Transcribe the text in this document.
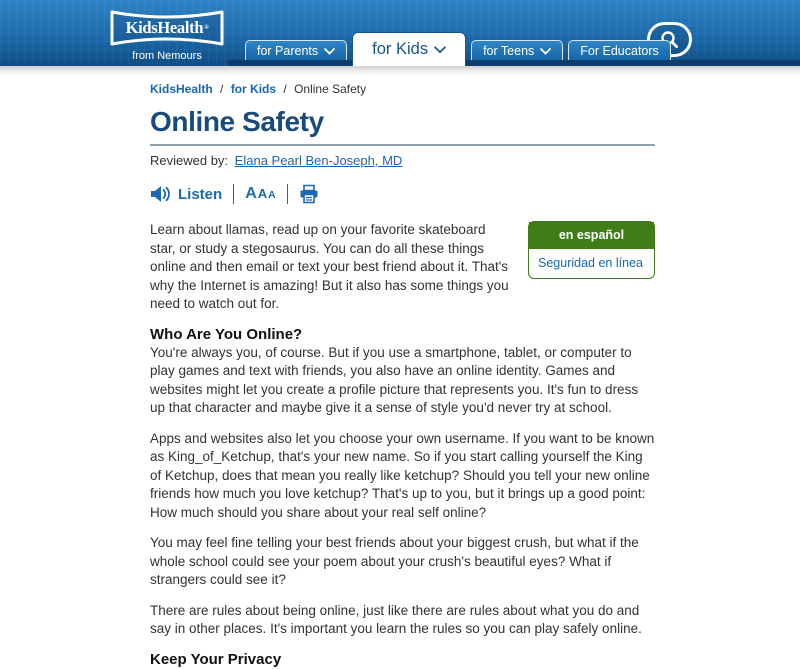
KidsHealth ®
from Nemours	for Parents	for Kids	for Teens	For Educators
KidsHealth / for Kids / Online Safety
Online Safety
Reviewed by: Elana Pearl Ben-Joseph, MD
Listen A A A
en español
Seguridad en línea

Learn about llamas, read up on your favorite skateboard star, or study a stegosaurus. You can do all these things online and then email or text your best friend about it. That's why the Internet is amazing! But it also has some things you need to watch out for.

Who Are You Online?

You're always you, of course. But if you use a smartphone, tablet, or computer to play games and text with friends, you also have an online identity. Games and websites might let you create a profile picture that represents you. It's fun to dress up that character and maybe give it a sense of style you'd never try at school.

Apps and websites also let you choose your own username. If you want to be known as King_of_Ketchup, that's your new name. So if you start calling yourself the King of Ketchup, does that mean you really like ketchup? Should you tell your new online friends how much you love ketchup? That's up to you, but it brings up a good point: How much should you share about your real self online?

You may feel fine telling your best friends about your biggest crush, but what if the whole school could see your poem about your crush's beautiful eyes? What if strangers could see it?

There are rules about being online, just like there are rules about what you do and say in other places. It's important you learn the rules so you can play safely online.

Keep Your Privacy
